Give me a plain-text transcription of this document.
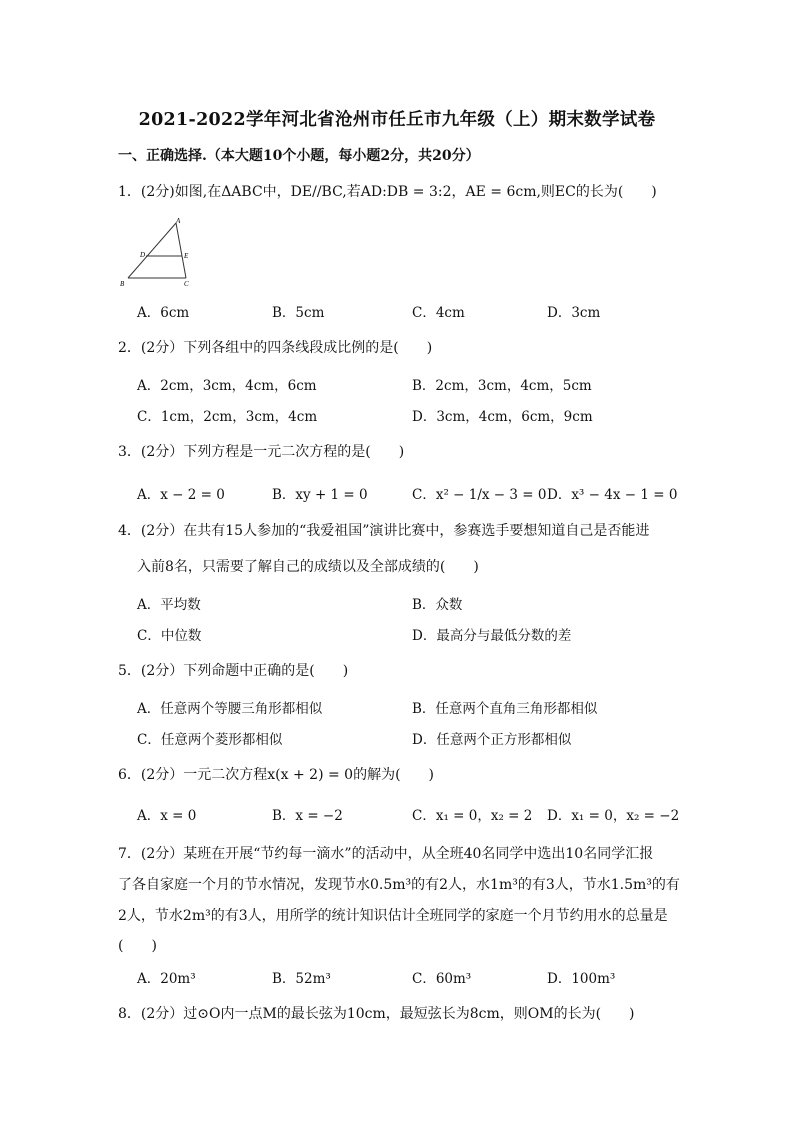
2021-2022学年河北省沧州市任丘市九年级（上）期末数学试卷
一、正确选择.（本大题10个小题，每小题2分，共20分）
1．(2分)如图,在ΔABC中，DE//BC,若AD:DB = 3:2，AE = 6cm,则EC的长为(　　)
A
D	E
B	C
A．6cm	B．5cm	C．4cm	D．3cm
2．(2分）下列各组中的四条线段成比例的是(　　)
A．2cm，3cm，4cm，6cm	B．2cm，3cm，4cm，5cm
C．1cm，2cm，3cm，4cm	D．3cm，4cm，6cm，9cm
3．(2分）下列方程是一元二次方程的是(　　)
A．x − 2 = 0	B．xy + 1 = 0	C．x² − 1/x − 3 = 0 D．x³ − 4x − 1 = 0
4．(2分）在共有15人参加的“我爱祖国”演讲比赛中，参赛选手要想知道自己是否能进
入前8名，只需要了解自己的成绩以及全部成绩的(　　)
A．平均数	B．众数
C．中位数	D．最高分与最低分数的差
5．(2分）下列命题中正确的是(　　)
A．任意两个等腰三角形都相似	B．任意两个直角三角形都相似
C．任意两个菱形都相似	D．任意两个正方形都相似
6．(2分）一元二次方程x(x + 2) = 0的解为(　　)
A．x = 0	B．x = −2	C．x₁ = 0，x₂ = 2 D．x₁ = 0，x₂ = −2
7．(2分）某班在开展“节约每一滴水”的活动中，从全班40名同学中选出10名同学汇报
了各自家庭一个月的节水情况，发现节水0.5m³的有2人，水1m³的有3人，节水1.5m³的有
2人，节水2m³的有3人，用所学的统计知识估计全班同学的家庭一个月节约用水的总量是
(　　)
A．20m³	B．52m³	C．60m³	D．100m³
8．(2分）过⊙O内一点M的最长弦为10cm，最短弦长为8cm，则OM的长为(　　)
